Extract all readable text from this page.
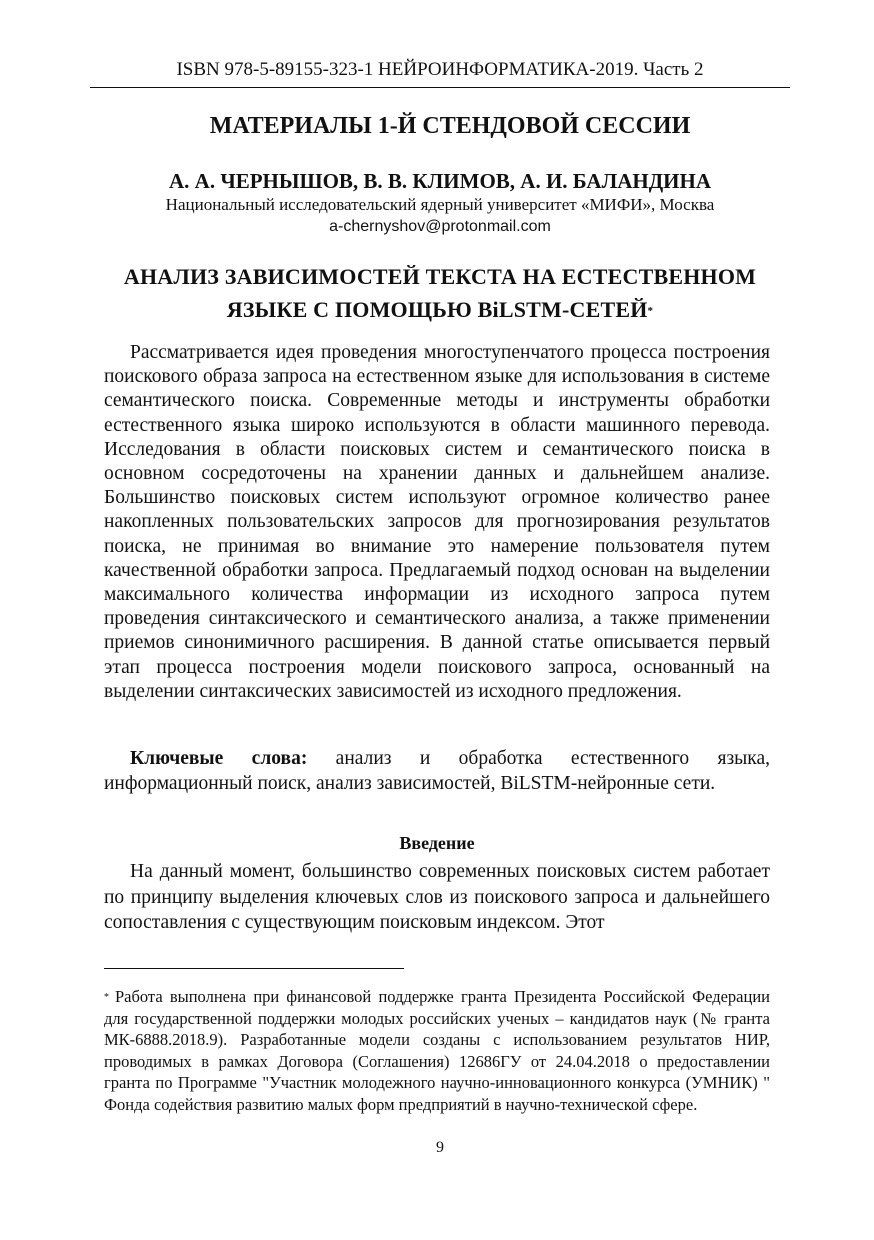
ISBN 978-5-89155-323-1 НЕЙРОИНФОРМАТИКА-2019. Часть 2
МАТЕРИАЛЫ 1-Й СТЕНДОВОЙ СЕССИИ
А. А. ЧЕРНЫШОВ, В. В. КЛИМОВ, А. И. БАЛАНДИНА
Национальный исследовательский ядерный университет «МИФИ», Москва
a-chernyshov@protonmail.com
АНАЛИЗ ЗАВИСИМОСТЕЙ ТЕКСТА НА ЕСТЕСТВЕННОМ
ЯЗЫКЕ С ПОМОЩЬЮ BiLSTM-СЕТЕЙ*

Рассматривается идея проведения многоступенчатого процесса построения поискового образа запроса на естественном языке для использования в системе семантического поиска. Современные методы и инструменты обработки естественного языка широко используются в области машинного перевода. Исследования в области поисковых систем и семантического поиска в основном сосредоточены на хранении данных и дальнейшем анализе. Большинство поисковых систем используют огромное количество ранее накопленных пользовательских запросов для прогнозирования результатов поиска, не принимая во внимание это намерение пользователя путем качественной обработки запроса. Предлагаемый подход основан на выделении максимального количества информации из исходного запроса путем проведения синтаксического и семантического анализа, а также применении приемов синонимичного расширения. В данной статье описывается первый этап процесса построения модели поискового запроса, основанный на выделении синтаксических зависимостей из исходного предложения.

Ключевые слова: анализ и обработка естественного языка, информационный поиск, анализ зависимостей, BiLSTM-нейронные сети.

Введение

На данный момент, большинство современных поисковых систем работает по принципу выделения ключевых слов из поискового запроса и дальнейшего сопоставления с существующим поисковым индексом. Этот

* Работа выполнена при финансовой поддержке гранта Президента Российской Федерации для государственной поддержки молодых российских ученых – кандидатов наук (№ гранта МК-6888.2018.9). Разработанные модели созданы с использованием результатов НИР, проводимых в рамках Договора (Соглашения) 12686ГУ от 24.04.2018 о предоставлении гранта по Программе "Участник молодежного научно-инновационного конкурса (УМНИК) " Фонда содействия развитию малых форм предприятий в научно-технической сфере.

9
